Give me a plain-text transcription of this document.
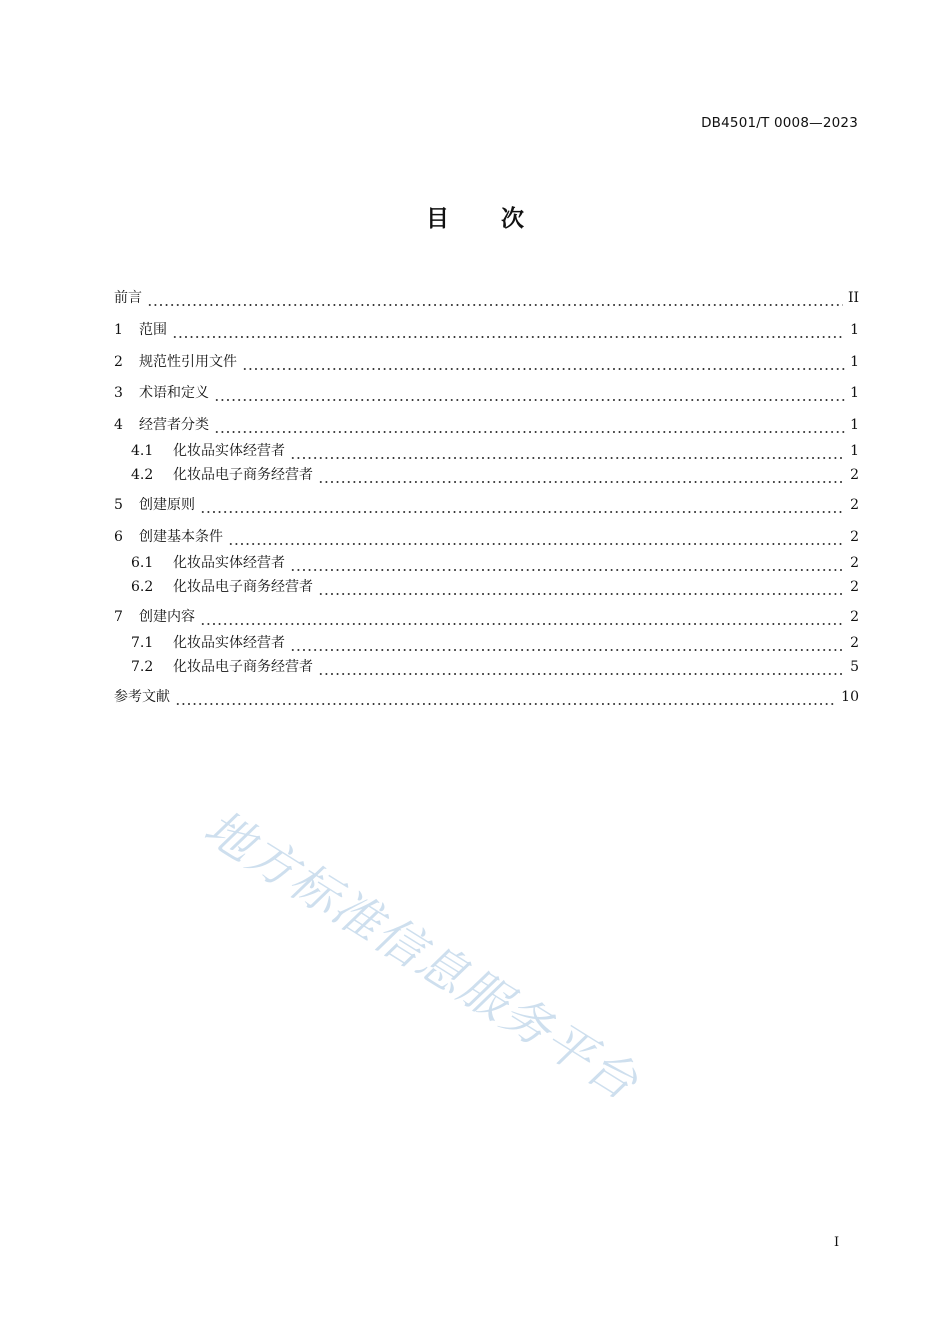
DB4501/T 0008—2023
目 次
前言	II
1	范围	1
2	规范性引用文件	1
3	术语和定义	1
4	经营者分类	1
4.1	化妆品实体经营者	1
4.2	化妆品电子商务经营者	2
5	创建原则	2
6	创建基本条件	2
6.1	化妆品实体经营者	2
6.2	化妆品电子商务经营者	2
7	创建内容	2
7.1	化妆品实体经营者	2
7.2	化妆品电子商务经营者	5
参考文献	10
地方标准信息服务平台
I
